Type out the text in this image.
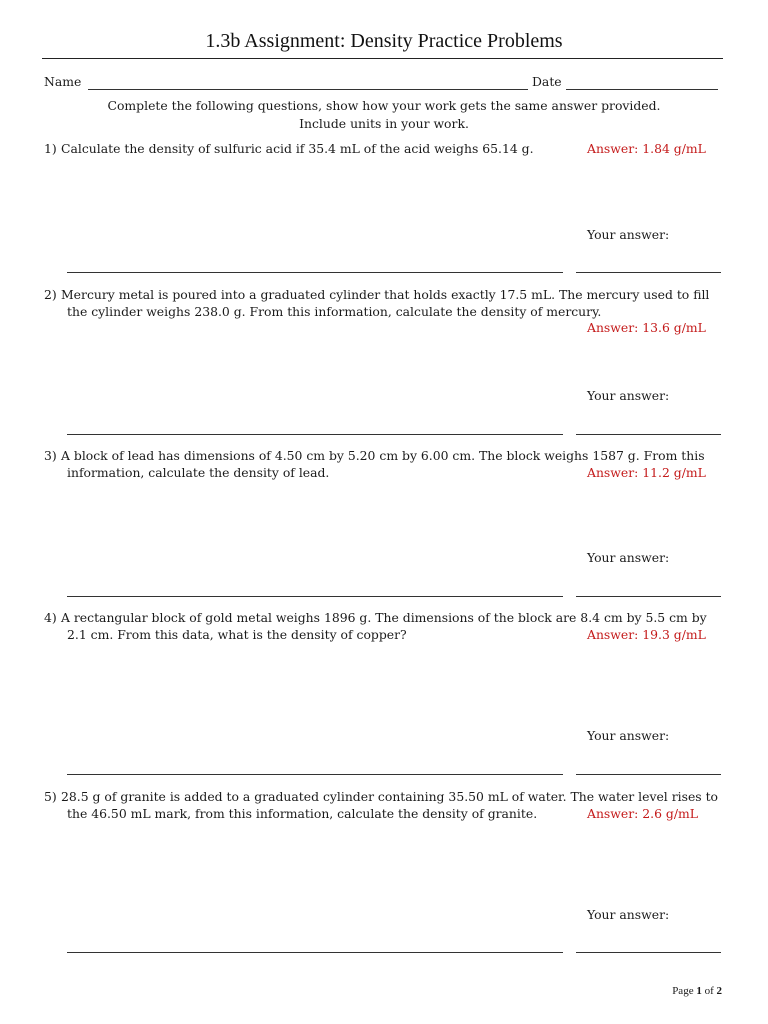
1.3b Assignment: Density Practice Problems
Name	Date
Complete the following questions, show how your work gets the same answer provided.
Include units in your work.
1) Calculate the density of sulfuric acid if 35.4 mL of the acid weighs 65.14 g.	Answer: 1.84 g/mL
Your answer:
2) Mercury metal is poured into a graduated cylinder that holds exactly 17.5 mL. The mercury used to fill
the cylinder weighs 238.0 g. From this information, calculate the density of mercury.
Answer: 13.6 g/mL
Your answer:
3) A block of lead has dimensions of 4.50 cm by 5.20 cm by 6.00 cm. The block weighs 1587 g. From this
information, calculate the density of lead.	Answer: 11.2 g/mL
Your answer:
4) A rectangular block of gold metal weighs 1896 g. The dimensions of the block are 8.4 cm by 5.5 cm by
2.1 cm. From this data, what is the density of copper?	Answer: 19.3 g/mL
Your answer:
5) 28.5 g of granite is added to a graduated cylinder containing 35.50 mL of water. The water level rises to
the 46.50 mL mark, from this information, calculate the density of granite.	Answer: 2.6 g/mL
Your answer:
Page 1 of 2
